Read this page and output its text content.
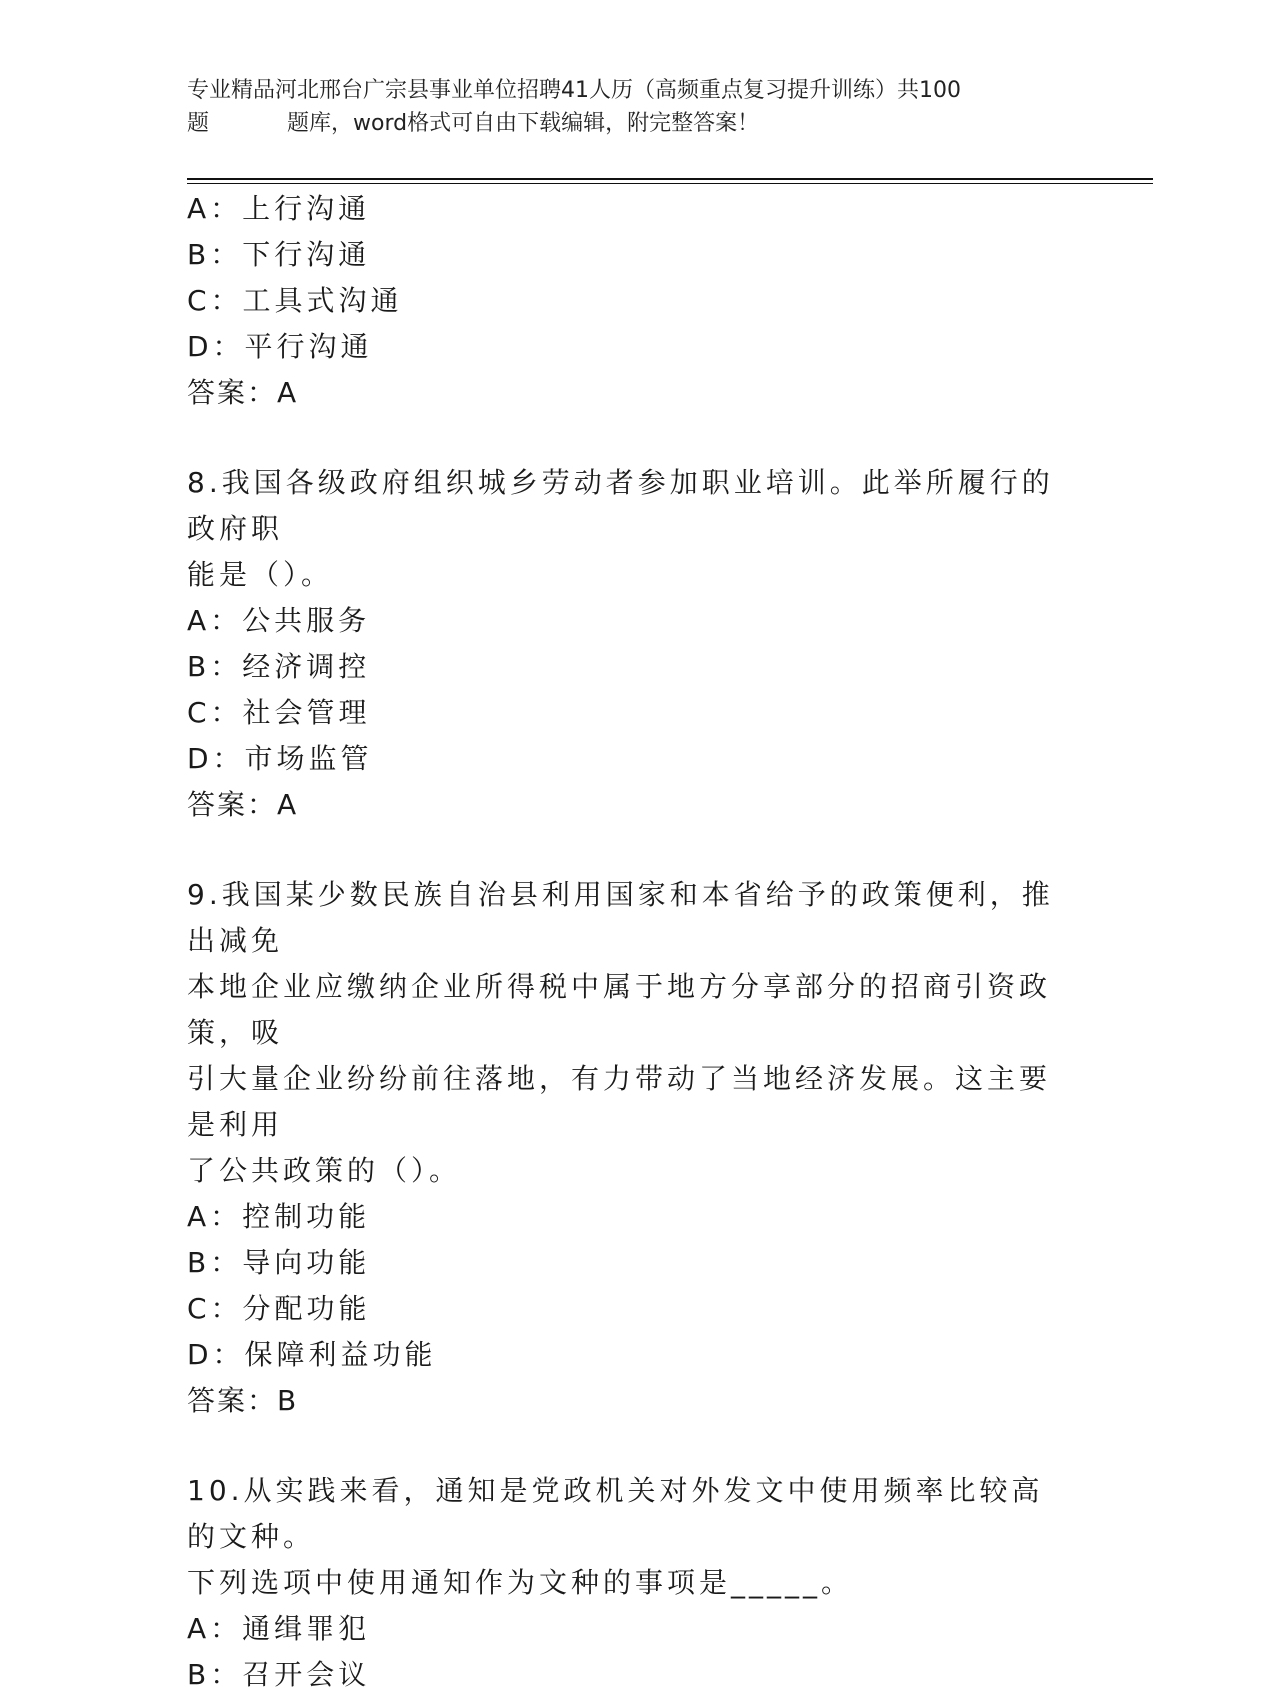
专业精品河北邢台广宗县事业单位招聘41人历（高频重点复习提升训练）共100
题	题库，word格式可自由下载编辑，附完整答案！
A：上行沟通
B：下行沟通
C：工具式沟通
D：平行沟通
答案：A
8.我国各级政府组织城乡劳动者参加职业培训。此举所履行的政府职
能是（）。
A：公共服务
B：经济调控
C：社会管理
D：市场监管
答案：A
9.我国某少数民族自治县利用国家和本省给予的政策便利，推出减免
本地企业应缴纳企业所得税中属于地方分享部分的招商引资政策，吸
引大量企业纷纷前往落地，有力带动了当地经济发展。这主要是利用
了公共政策的（）。
A：控制功能
B：导向功能
C：分配功能
D：保障利益功能
答案：B
10.从实践来看，通知是党政机关对外发文中使用频率比较高的文种。
下列选项中使用通知作为文种的事项是_____。
A：通缉罪犯
B：召开会议
